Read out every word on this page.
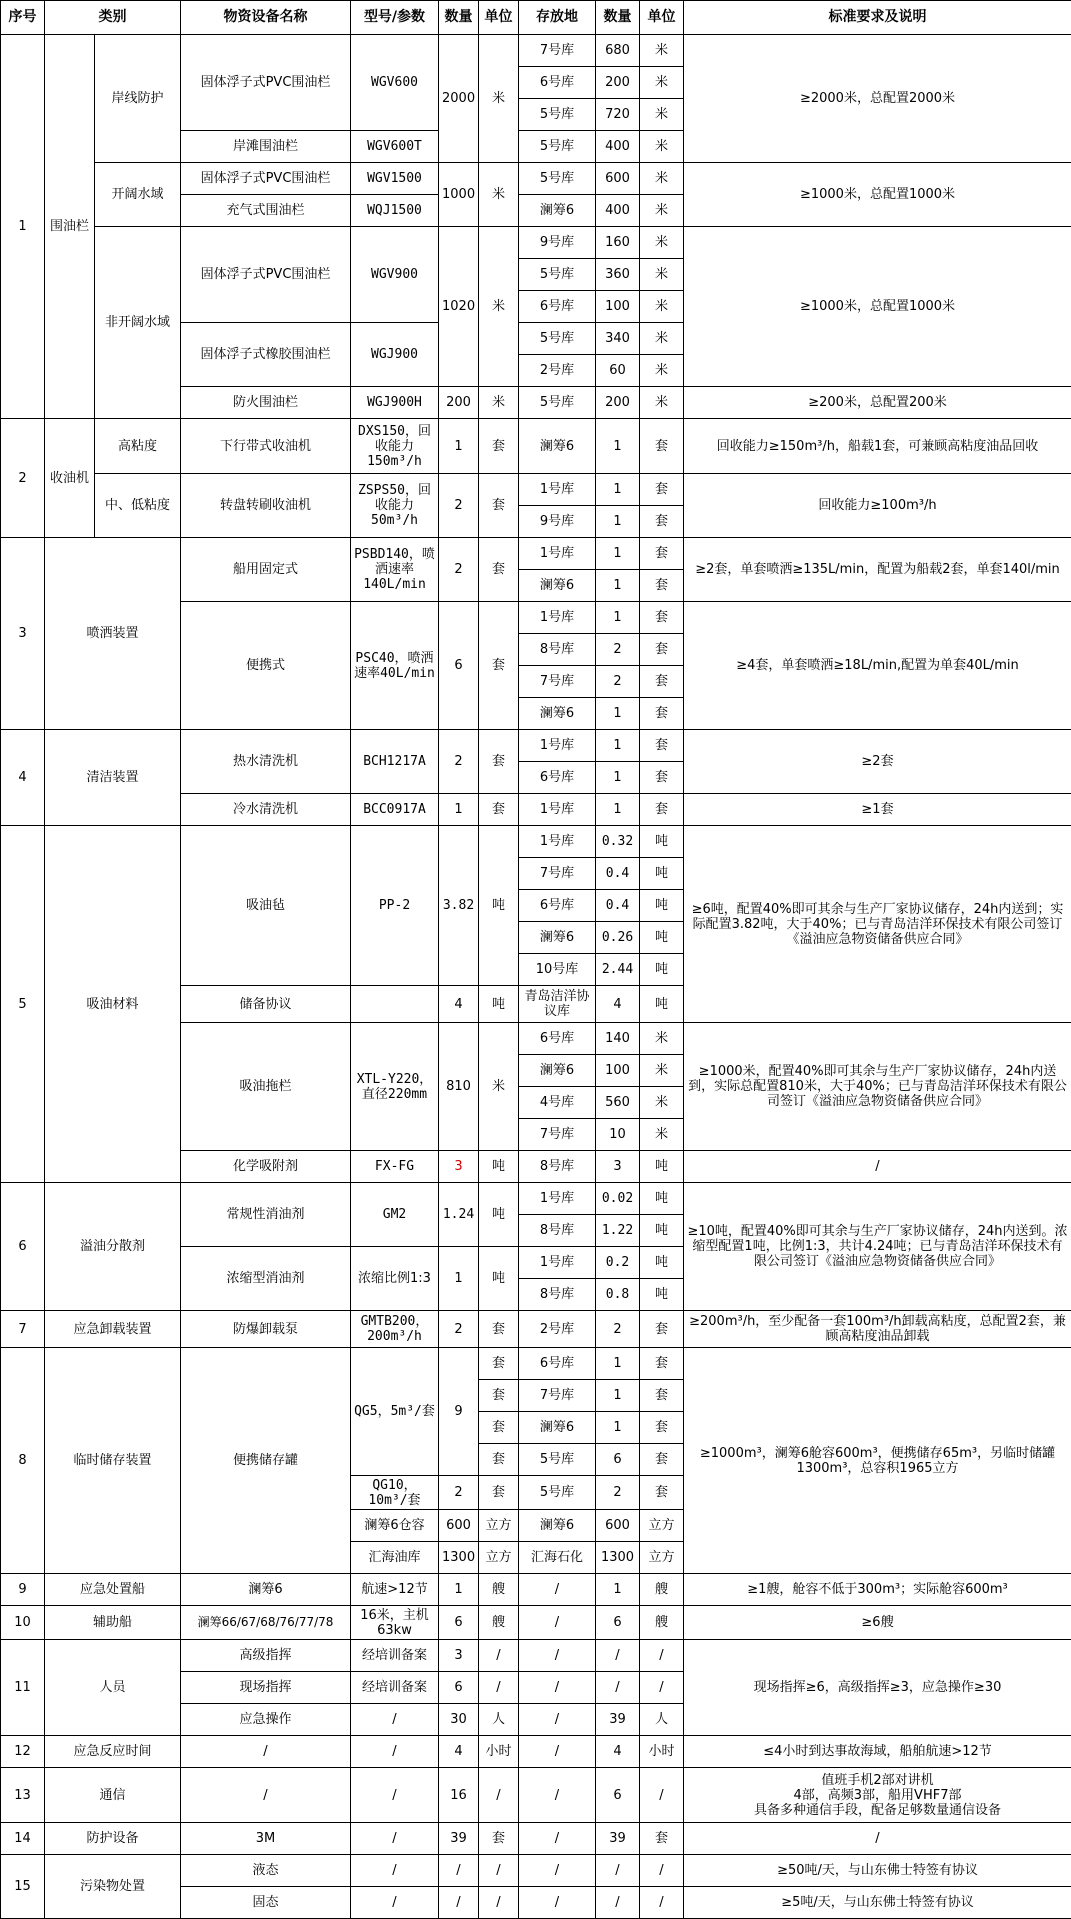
序号	类别		物资设备名称	型号/参数	数量	单位	存放地	数量	单位	标准要求及说明
1	围油栏	岸线防护	固体浮子式PVC围油栏	WGV600	2000	米	7号库	680	米	≥2000米，总配置2000米
							6号库	200	米	
							5号库	720	米	
			岸滩围油栏	WGV600T			5号库	400	米	
		开阔水域	固体浮子式PVC围油栏	WGV1500	1000	米	5号库	600	米	≥1000米，总配置1000米
			充气式围油栏	WQJ1500			澜筹6	400	米	
		非开阔水域	固体浮子式PVC围油栏	WGV900	1020	米	9号库	160	米	≥1000米，总配置1000米
							5号库	360	米	
							6号库	100	米	
			固体浮子式橡胶围油栏	WGJ900			5号库	340	米	
							2号库	60	米	
			防火围油栏	WGJ900H	200	米	5号库	200	米	≥200米，总配置200米
2	收油机	高粘度	下行带式收油机	DXS150，回收能力150m³/h	1	套	澜筹6	1	套	回收能力≥150m³/h，船载1套，可兼顾高粘度油品回收
		中、低粘度	转盘转刷收油机	ZSPS50，回收能力50m³/h	2	套	1号库	1	套	回收能力≥100m³/h
							9号库	1	套	
3	喷洒装置		船用固定式	PSBD140，喷洒速率140L/min	2	套	1号库	1	套	≥2套，单套喷洒≥135L/min，配置为船载2套，单套140l/min
							澜筹6	1	套	
			便携式	PSC40，喷洒速率40L/min	6	套	1号库	1	套	≥4套，单套喷洒≥18L/min,配置为单套40L/min
							8号库	2	套	
							7号库	2	套	
							澜筹6	1	套	
4	清洁装置		热水清洗机	BCH1217A	2	套	1号库	1	套	≥2套
							6号库	1	套	
			冷水清洗机	BCC0917A	1	套	1号库	1	套	≥1套
5	吸油材料		吸油毡	PP-2	3.82	吨	1号库	0.32	吨	≥6吨，配置40%即可其余与生产厂家协议储存，24h内送到；实际配置3.82吨，大于40%；已与青岛洁洋环保技术有限公司签订《溢油应急物资储备供应合同》
							7号库	0.4	吨	
							6号库	0.4	吨	
							澜筹6	0.26	吨	
							10号库	2.44	吨	
			储备协议		4	吨	青岛洁洋协议库	4	吨	
			吸油拖栏	XTL-Y220，直径220mm	810	米	6号库	140	米	≥1000米，配置40%即可其余与生产厂家协议储存，24h内送到，实际总配置810米，大于40%；已与青岛洁洋环保技术有限公司签订《溢油应急物资储备供应合同》
							澜筹6	100	米	
							4号库	560	米	
							7号库	10	米	
			化学吸附剂	FX-FG	3	吨	8号库	3	吨	/
6	溢油分散剂		常规性消油剂	GM2	1.24	吨	1号库	0.02	吨	≥10吨，配置40%即可其余与生产厂家协议储存，24h内送到。浓缩型配置1吨，比例1:3，共计4.24吨；已与青岛洁洋环保技术有限公司签订《溢油应急物资储备供应合同》
							8号库	1.22	吨	
			浓缩型消油剂	浓缩比例1:3	1	吨	1号库	0.2	吨	
							8号库	0.8	吨	
7	应急卸载装置		防爆卸载泵	GMTB200，200m³/h	2	套	2号库	2	套	≥200m³/h，至少配备一套100m³/h卸载高粘度，总配置2套，兼顾高粘度油品卸载
8	临时储存装置		便携储存罐	QG5，5m³/套	9	套	6号库	1	套	≥1000m³，澜筹6舱容600m³，便携储存65m³，另临时储罐1300m³，总容积1965立方
						套	7号库	1	套	
						套	澜筹6	1	套	
						套	5号库	6	套	
				QG10，10m³/套	2	套	5号库	2	套	
				澜筹6仓容	600	立方	澜筹6	600	立方	
				汇海油库	1300	立方	汇海石化	1300	立方	
9	应急处置船		澜筹6	航速>12节	1	艘	/	1	艘	≥1艘，舱容不低于300m³；实际舱容600m³
10	辅助船		澜筹66/67/68/76/77/78	16米，主机63kw	6	艘	/	6	艘	≥6艘
11	人员		高级指挥	经培训备案	3	/	/	/	/	现场指挥≥6，高级指挥≥3，应急操作≥30
			现场指挥	经培训备案	6	/	/	/	/	
			应急操作	/	30	人	/	39	人	
12	应急反应时间		/	/	4	小时	/	4	小时	≤4小时到达事故海域，船舶航速>12节
13	通信		/	/	16	/	/	6	/	值班手机2部对讲机
4部，高频3部，船用VHF7部
具备多种通信手段，配备足够数量通信设备
14	防护设备		3M	/	39	套	/	39	套	/
15	污染物处置		液态	/	/	/	/	/	/	≥50吨/天，与山东佛士特签有协议
			固态	/	/	/	/	/	/	≥5吨/天，与山东佛士特签有协议
